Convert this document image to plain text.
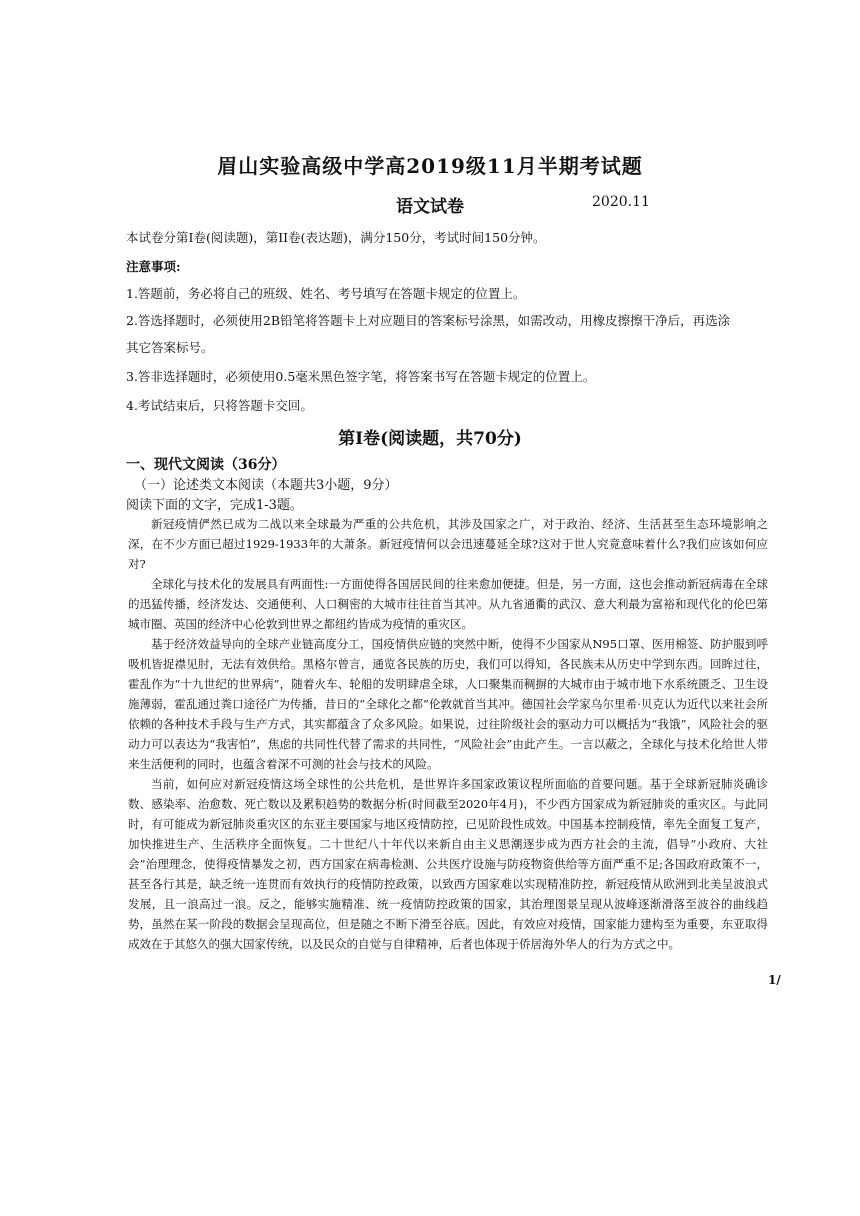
眉山实验高级中学高2019级11月半期考试题
语文试卷	2020.11
本试卷分第Ⅰ卷(阅读题)，第II卷(表达题)，满分150分，考试时间150分钟。
注意事项:
1.答题前，务必将自己的班级、姓名、考号填写在答题卡规定的位置上。
2.答选择题时，必须使用2B铅笔将答题卡上对应题目的答案标号涂黑，如需改动，用橡皮擦擦干净后，再选涂
其它答案标号。
3.答非选择题时，必须使用0.5毫米黑色签字笔，将答案书写在答题卡规定的位置上。
4.考试结束后，只将答题卡交回。
第Ⅰ卷(阅读题，共70分)
一、现代文阅读（36分）
（一）论述类文本阅读（本题共3小题，9分）
阅读下面的文字，完成1-3题。

新冠疫情俨然已成为二战以来全球最为严重的公共危机，其涉及国家之广，对于政治、经济、生活甚至生态环境影响之深，在不少方面已超过1929-1933年的大萧条。新冠疫情何以会迅速蔓延全球?这对于世人究竟意味着什么?我们应该如何应对?

全球化与技术化的发展具有两面性:一方面使得各国居民间的往来愈加便捷。但是，另一方面，这也会推动新冠病毒在全球的迅猛传播，经济发达、交通便利、人口稠密的大城市往往首当其冲。从九省通衢的武汉、意大利最为富裕和现代化的伦巴第城市圈、英国的经济中心伦敦到世界之都纽约皆成为疫情的重灾区。

基于经济效益导向的全球产业链高度分工，国疫情供应链的突然中断，使得不少国家从N95口罩、医用棉签、防护服到呼吸机皆捉襟见肘，无法有效供给。黑格尔曾言，通览各民族的历史，我们可以得知，各民族未从历史中学到东西。回眸过往，霍乱作为“十九世纪的世界病”，随着火车、轮船的发明肆虐全球，人口聚集而稠摒的大城市由于城市地下水系统匮乏、卫生设施薄弱，霍乱通过粪口途径广为传播，昔日的“全球化之都”伦敦就首当其冲。德国社会学家乌尔里希·贝克认为近代以来社会所依赖的各种技术手段与生产方式，其实都蕴含了众多风险。如果说，过往阶级社会的驱动力可以概括为“我饿”，风险社会的驱动力可以表达为“我害怕”，焦虑的共同性代替了需求的共同性，“风险社会”由此产生。一言以蔽之，全球化与技术化给世人带来生活便利的同时，也蕴含着深不可测的社会与技术的风险。

当前，如何应对新冠疫情这场全球性的公共危机，是世界许多国家政策议程所面临的首要问题。基于全球新冠肺炎确诊数、感染率、治愈数、死亡数以及累积趋势的数据分析(时间截至2020年4月)，不少西方国家成为新冠肺炎的重灾区。与此同时，有可能成为新冠肺炎重灾区的东亚主要国家与地区疫情防控，已见阶段性成效。中国基本控制疫情，率先全面复工复产，加快推进生产、生活秩序全面恢复。二十世纪八十年代以来新自由主义思潮逐步成为西方社会的主流，倡导“小政府、大社会”治理理念，使得疫情暴发之初，西方国家在病毒检测、公共医疗设施与防疫物资供给等方面严重不足;各国政府政策不一，甚至各行其是，缺乏统一连贯而有效执行的疫情防控政策，以致西方国家难以实现精准防控，新冠疫情从欧洲到北美呈波浪式发展，且一浪高过一浪。反之，能够实施精准、统一疫情防控政策的国家，其治理图景呈现从波峰逐渐滑落至波谷的曲线趋势，虽然在某一阶段的数据会呈现高位，但是随之不断下滑至谷底。因此，有效应对疫情，国家能力建构至为重要，东亚取得成效在于其悠久的强大国家传统，以及民众的自觉与自律精神，后者也体现于侨居海外华人的行为方式之中。

1/
